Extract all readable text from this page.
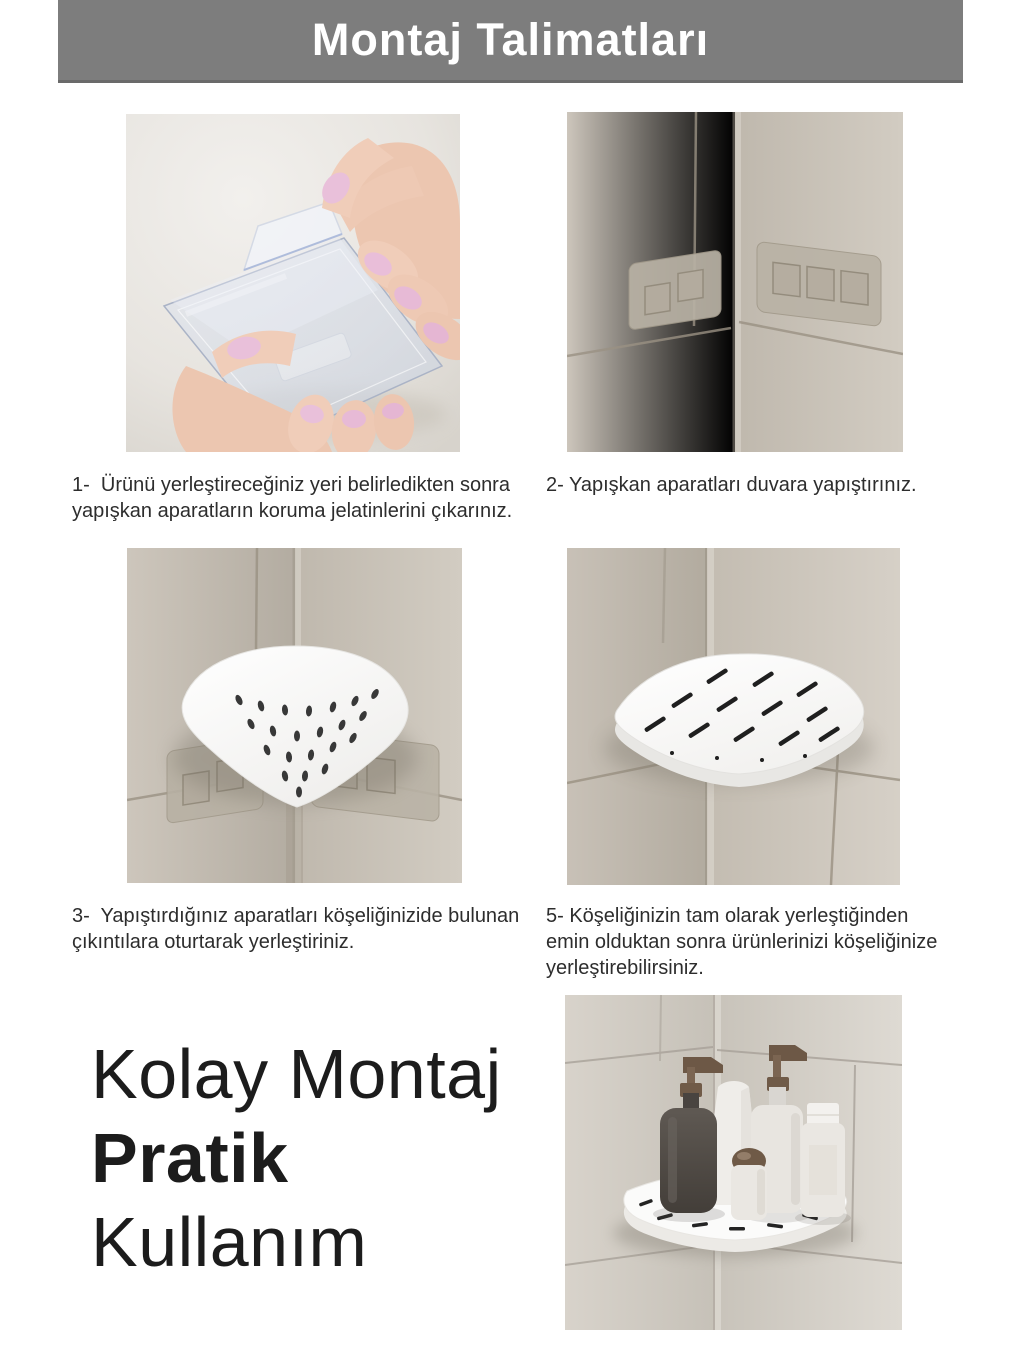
Montaj Talimatları
1-  Ürünü yerleştireceğiniz yeri belirledikten sonra
yapışkan aparatların koruma jelatinlerini çıkarınız.
2- Yapışkan aparatları duvara yapıştırınız.
3-  Yapıştırdığınız aparatları köşeliğinizide bulunan
çıkıntılara oturtarak yerleştiriniz.
5- Köşeliğinizin tam olarak yerleştiğinden
emin olduktan sonra ürünlerinizi köşeliğinize
yerleştirebilirsiniz.
Kolay Montaj
Pratik
Kullanım
